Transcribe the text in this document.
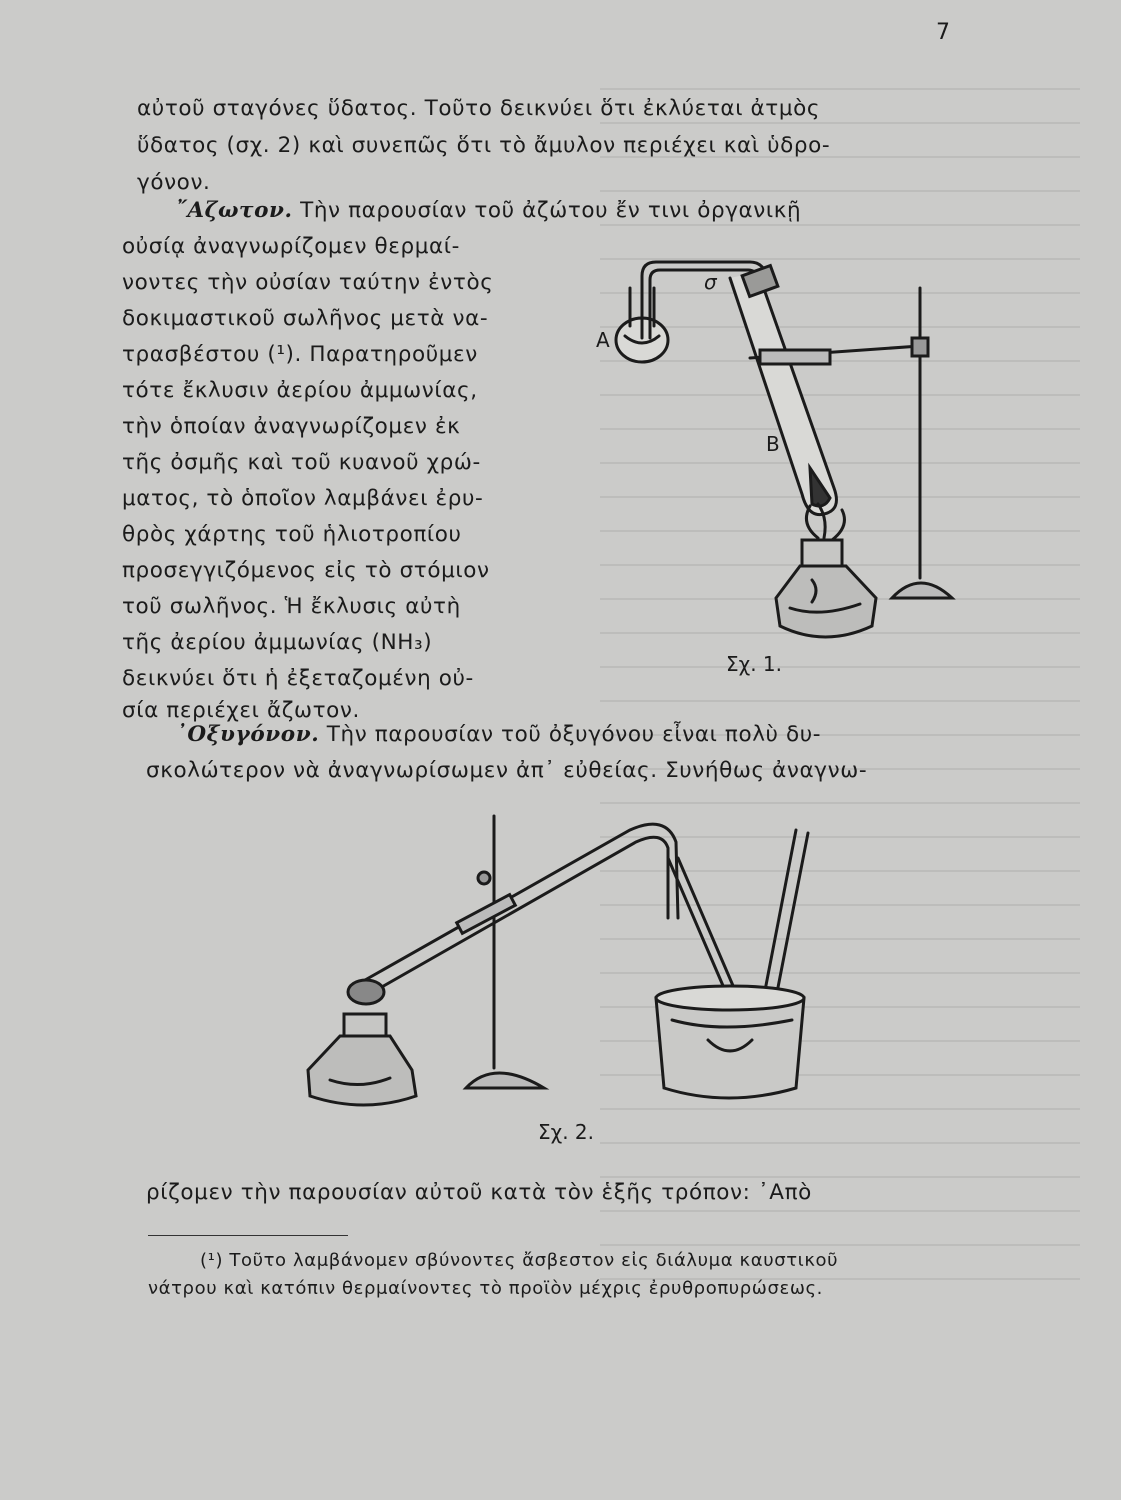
7
αὐτοῦ σταγόνες ὕδατος. Τοῦτο δεικνύει ὅτι ἐκλύεται ἀτμὸς
ὕδατος (σχ. 2) καὶ συνεπῶς ὅτι τὸ ἄμυλον περιέχει καὶ ὑδρο-
γόνον.
῎Αζωτον. Τὴν παρουσίαν τοῦ ἀζώτου ἔν τινι ὀργανικῇ
οὐσίᾳ ἀναγνωρίζομεν θερμαί-
νοντες τὴν οὐσίαν ταύτην ἐντὸς
δοκιμαστικοῦ σωλῆνος μετὰ να-
τρασβέστου (¹). Παρατηροῦμεν
τότε ἔκλυσιν ἀερίου ἀμμωνίας,
τὴν ὁποίαν ἀναγνωρίζομεν ἐκ
τῆς ὀσμῆς καὶ τοῦ κυανοῦ χρώ-
ματος, τὸ ὁποῖον λαμβάνει ἐρυ-
θρὸς χάρτης τοῦ ἡλιοτροπίου
προσεγγιζόμενος εἰς τὸ στόμιον
τοῦ σωλῆνος. Ἡ ἔκλυσις αὐτὴ
τῆς ἀερίου ἀμμωνίας (NH₃)
δεικνύει ὅτι ἡ ἐξεταζομένη οὐ-
σία περιέχει ἄζωτον.
A
B
σ
Σχ. 1.
᾿Οξυγόνον. Τὴν παρουσίαν τοῦ ὀξυγόνου εἶναι πολὺ δυ-
σκολώτερον νὰ ἀναγνωρίσωμεν ἀπ᾿ εὐθείας. Συνήθως ἀναγνω-
Σχ. 2.
ρίζομεν τὴν παρουσίαν αὐτοῦ κατὰ τὸν ἑξῆς τρόπον: ᾿Απὸ
(¹) Τοῦτο λαμβάνομεν σβύνοντες ἄσβεστον εἰς διάλυμα καυστικοῦ
νάτρου καὶ κατόπιν θερμαίνοντες τὸ προϊὸν μέχρις ἐρυθροπυρώσεως.
